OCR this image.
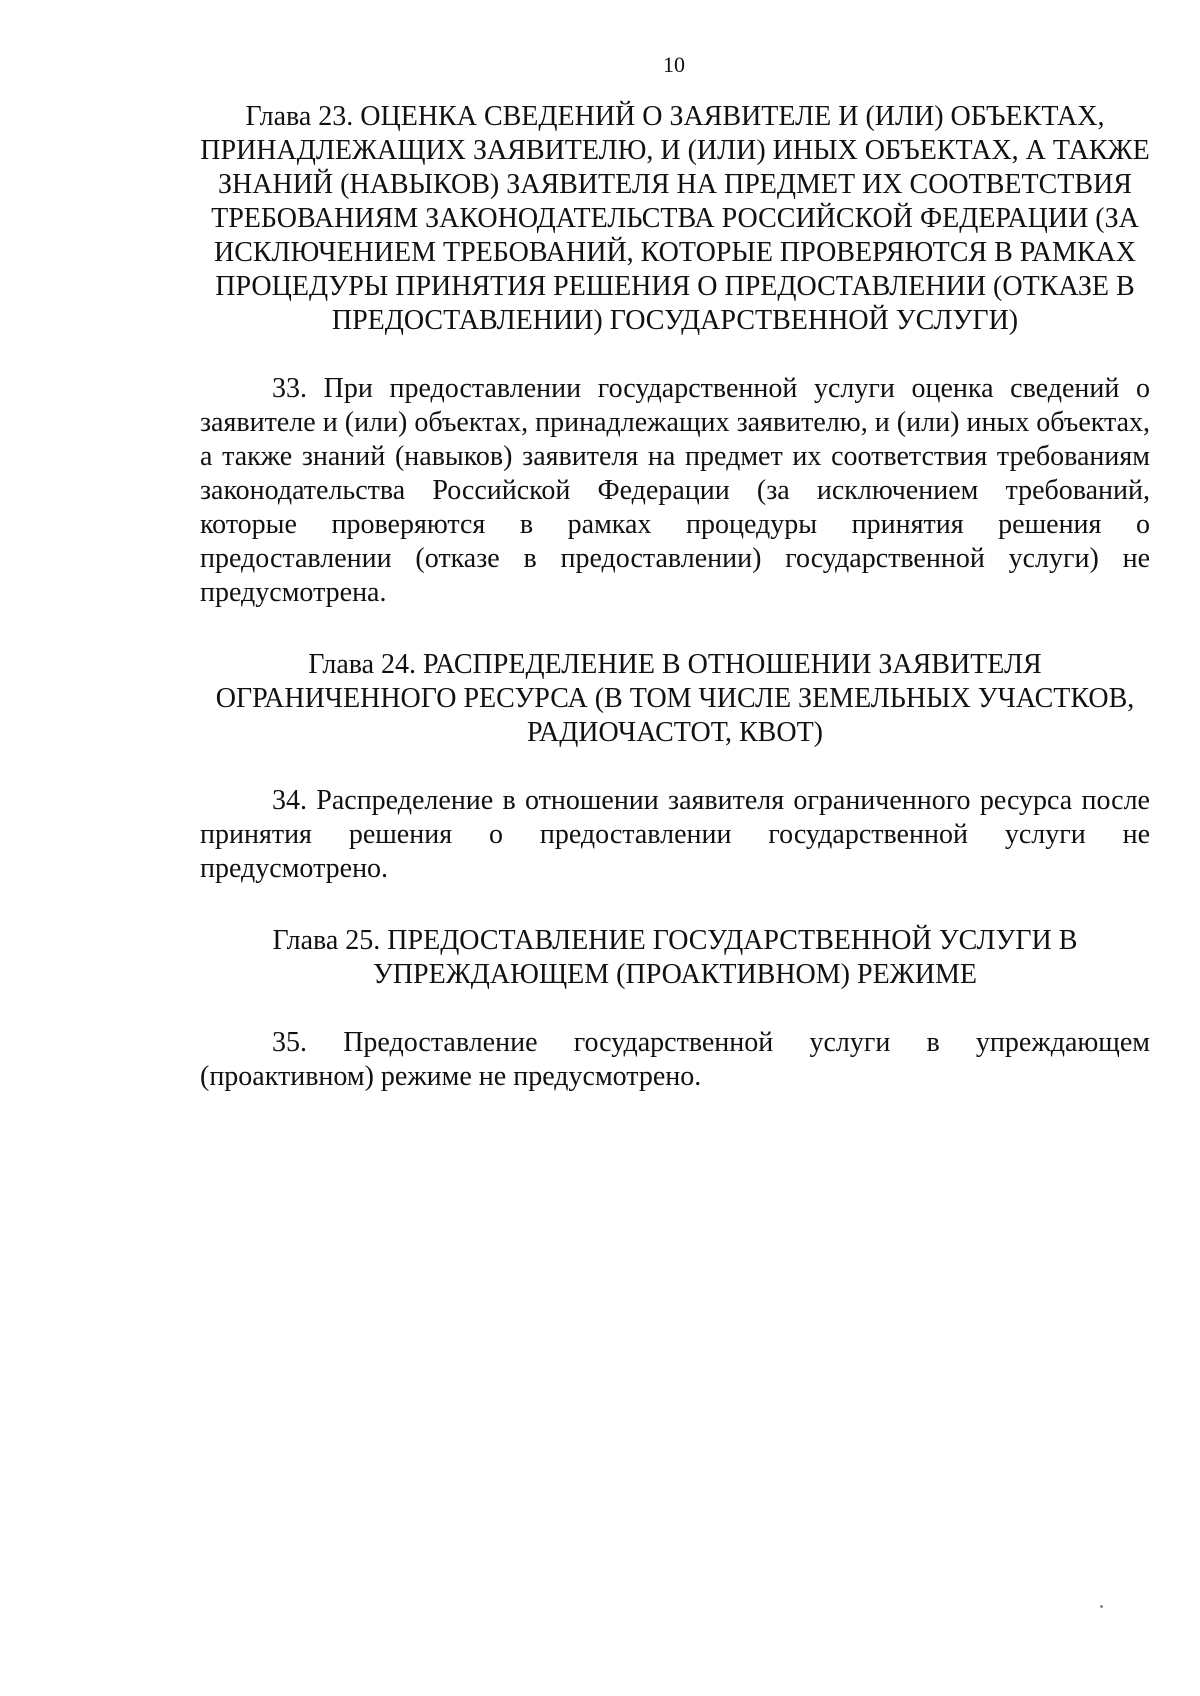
10
Глава 23. ОЦЕНКА СВЕДЕНИЙ О ЗАЯВИТЕЛЕ И (ИЛИ) ОБЪЕКТАХ, ПРИНАДЛЕЖАЩИХ ЗАЯВИТЕЛЮ, И (ИЛИ) ИНЫХ ОБЪЕКТАХ, А ТАКЖЕ ЗНАНИЙ (НАВЫКОВ) ЗАЯВИТЕЛЯ НА ПРЕДМЕТ ИХ СООТВЕТСТВИЯ ТРЕБОВАНИЯМ ЗАКОНОДАТЕЛЬСТВА РОССИЙСКОЙ ФЕДЕРАЦИИ (ЗА ИСКЛЮЧЕНИЕМ ТРЕБОВАНИЙ, КОТОРЫЕ ПРОВЕРЯЮТСЯ В РАМКАХ ПРОЦЕДУРЫ ПРИНЯТИЯ РЕШЕНИЯ О ПРЕДОСТАВЛЕНИИ (ОТКАЗЕ В ПРЕДОСТАВЛЕНИИ) ГОСУДАРСТВЕННОЙ УСЛУГИ)

33. При предоставлении государственной услуги оценка сведений о заявителе и (или) объектах, принадлежащих заявителю, и (или) иных объектах, а также знаний (навыков) заявителя на предмет их соответствия требованиям законодательства Российской Федерации (за исключением требований, которые проверяются в рамках процедуры принятия решения о предоставлении (отказе в предоставлении) государственной услуги) не предусмотрена.

Глава 24. РАСПРЕДЕЛЕНИЕ В ОТНОШЕНИИ ЗАЯВИТЕЛЯ ОГРАНИЧЕННОГО РЕСУРСА (В ТОМ ЧИСЛЕ ЗЕМЕЛЬНЫХ УЧАСТКОВ, РАДИОЧАСТОТ, КВОТ)

34. Распределение в отношении заявителя ограниченного ресурса после принятия решения о предоставлении государственной услуги не предусмотрено.

Глава 25. ПРЕДОСТАВЛЕНИЕ ГОСУДАРСТВЕННОЙ УСЛУГИ В УПРЕЖДАЮЩЕМ (ПРОАКТИВНОМ) РЕЖИМЕ

35. Предоставление государственной услуги в упреждающем (проактивном) режиме не предусмотрено.
